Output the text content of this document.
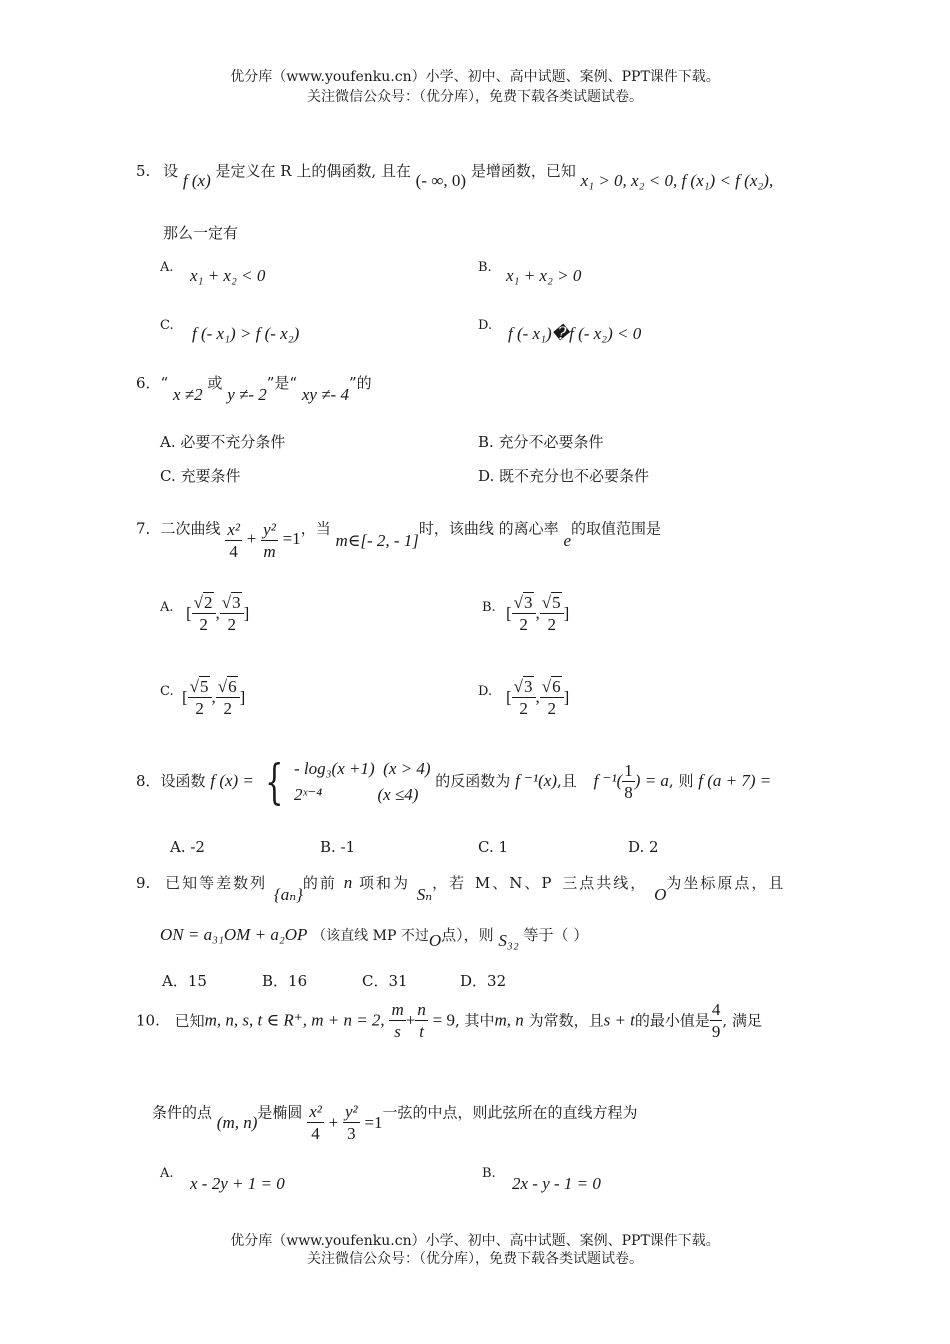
优分库（www.youfenku.cn）小学、初中、高中试题、案例、PPT课件下载。
关注微信公众号：（优分库），免费下载各类试题试卷。
5. 设 f (x) 是定义在 R 上的偶函数, 且在 (- ∞, 0) 是增函数，已知 x₁ > 0, x₂ < 0, f (x₁) < f (x₂),
那么一定有
A. x₁ + x₂ < 0	B. x₁ + x₂ > 0
C. f (- x₁) > f (- x₂)	D. f (- x₁)�f (- x₂) < 0
6．“ x ≠2 或 y ≠- 2”是“ xy ≠- 4”的
A. 必要不充分条件	B. 充分不必要条件
C. 充要条件	D. 既不充分也不必要条件
7．二次曲线 $\frac{\text{x²}}{4} + \frac{\text{y²}}{m} =1$，当 m∈[- 2, - 1]时，该曲线 的离心率 e的取值范围是
A. [ $\frac{√2}{2}$ , $\frac{√3}{2}$ ]	B. [ $\frac{√3}{2}$ , $\frac{√5}{2}$ ]
C. [ $\frac{√5}{2}$ , $\frac{√6}{2}$ ]	D. [ $\frac{√3}{2}$ , $\frac{√6}{2}$ ]
8．设函数 f (x) = { - log₃(x +1) (x > 4)
2ˣ⁻⁴	(x ≤4)
的反函数为 f ⁻¹(x),且 f $^{-1}( \frac{1}{8}$ ) = a, 则 f (a + 7) =
A. -2	B. -1	C. 1	D. 2
9. 已知等差数列 {aₙ}的前 n 项和为 Sₙ，若 M、N、P 三点共线， O为坐标原点，且
ON = a₃₁OM + a₂OP （该直线 MP 不过O点），则 S₃₂ 等于（ ）
A．15	B．16	C．31	D．32
10. 已知m, n, s, t ∈ R⁺, m + n = 2, $\frac{m}{s} + \frac{n}{t} = 9$, 其中m, n 为常数，且s + t的最小值是 $\frac{4}{9}$ , 满足
条件的点 (m, n)是椭圆 $\frac{\text{x²}}{4} + \frac{\text{y²}}{3} =1$一弦的中点，则此弦所在的直线方程为
A.
x - 2y + 1 = 0
B.
2x - y - 1 = 0
优分库（www.youfenku.cn）小学、初中、高中试题、案例、PPT课件下载。
关注微信公众号：（优分库），免费下载各类试题试卷。
